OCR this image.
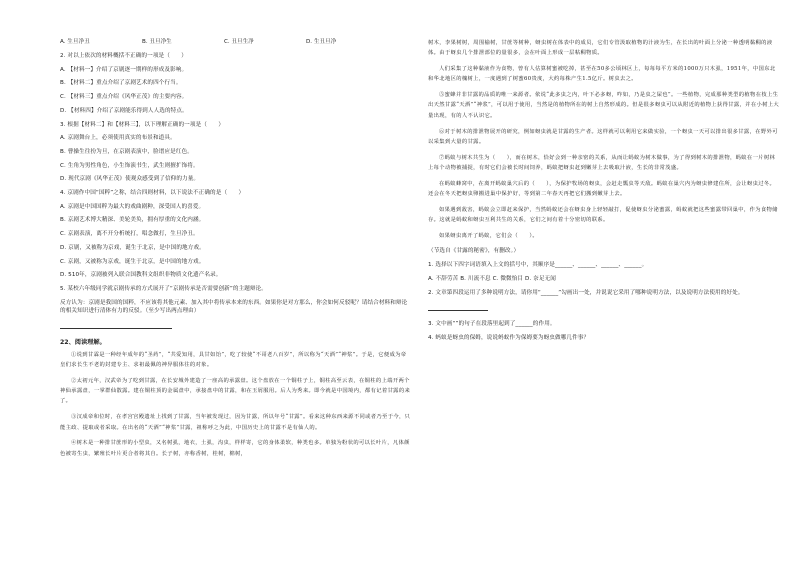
A. 生旦净丑	B. 丑旦净生	C. 丑旦生净	D. 生丑旦净
2. 对以上依次的材料概括不正确的一项是（　　）
A. 【材料一】介绍了京剧逐一期样的形成及影响。
B. 【材料二】重点介绍了京剧艺术的四个行当。
C. 【材料三】重点介绍《风华正茂》的主要内容。
D. 【材料四】介绍了京剧能乐得到人人选的特点。
3. 根据【材料二】和【材料三】，以下理解正确的一项是（　　）
A. 京剧舞台上，必须使用真实的布景和道具。
B. 曹操生往扮为旦，在京剧表演中，脸谱应是红色。
C. 生角为男性角色，小生饰演书生，武生则擅扩饰将。
D. 现代京剧《风华正茂》使观众感受到了信仰的力量。
4. 京剧作中国“国粹”之称，结合四则材料，以下说法不正确的是（　　）
A. 京剧是中国国粹为最大的戏曲剧种，深受国人的喜爱。
B. 京剧艺术博大精深、美轮美奂，拥有厚重的文化内涵。
C. 京剧表演，离不开分析统打，唱念做打，生旦净丑。
D. 京剧，又被称为京戏，诞生于北京，是中国的地方戏。
C. 京剧，又被称为京戏，诞生于北京，是中国的地方戏。
D. 510年，京剧被列入联合国教科文组织非物质文化遗产名录。
5. 某校六年级同学就京剧传承的方式展开了“京剧传承是否需要创新”的主题辩论。
反方认为：京剧是我国的国粹，不应该将其他元素、加入其中将传承本来的东西。如果你是对方那么，你会如何反驳呢？请结合材料和辩论的相关知识进行清体有力的反驳。（至少写出两点理由）
22、阅读理解。
①说到甘霖是一种经年成年的“圣药”，“共爱知用，具甘如饴”，吃了较使“不哥老八百岁”，所以称为“天酒”“神浆”。于是，它便成为帝皇们求长生不老的封建专主、求祖最佩的神异服体往的对象。
②太初元年，汉武帝为了吃到甘露，在长安城外建造了一座高的承露盘。这个盘放在一个铜柱子上，铜柱高至云表，在铜柱的上端开两个神仙承露盘，一掌群仙散露。建在铜柱顶的金属盘中，承接盘中的甘露，和在玉屑服用。后人为秀来。即今就是中国境内，都有记着甘露的来了。
③汉成帝和位时，在孝宫宫殿遗址上找到了甘露，当年被发现过，因为甘露，所以年号“甘露”。看来这种东西来源不同或者乃至于今，只能主政、提取或者采取。在出名的“天酒”“神浆”甘露，祖称呼之为此，中国历史上的甘露不是有仙人的。
④树木是一种排甘蔗形的小型虫，又名树虱，地衣，土虱，沟虫，样样寄，它的身体柔软，种类也多。单独为粉状的可以长叶片，凡体颜色被寄生虫，繁殖长叶片更合者将其自。长子树，亦称香树，桂树，棉树，
树木，李果树树，周围榆树，甘蔗等树种，蚜虫树在体表中的成员，它们专管汲取植物的汁液为生，在长出的叶面上分泌一种透明黏稠的液体。由于蚜虫几个排泄部位的量很多，会在叶面上形成一层粘稠物质。
人们采集了这种黏液作为食物，曾有人估算树蜜被吃掉，甚至在50多公顷林区上，每每每平方米的1000万只木虱，1951年，中国东北和华北地区的槐树上，一度遇到了树蜜60贵度，大约每株产生1.5亿斤。树虫去之。
⑤蜜蜂并非甘露的品质的唯一来源者。依说“此多虫之内，叶下必多蚜，咋如，乃是虫之屎也”。一些植物，完成那种类型的植物在枝上生出天然甘露“天酒”“神浆”，可以用于使用，当然是的植物所在的树上自然形成的。但是很多蚜虫可以从附近的植物上获得甘露，并在小树上大量出现，有的人不认识它。
⑥对于树木的排泄物展开的研究，例如蚜虫就是甘露的生产者。这样就可以利用它来做实验，一个蚜虫一天可以排出很多甘露，在野外可以采集到大量的甘露。
⑦蚂蚁与树木共生为（　　），而在树木，恰好会到一种亲密的关系，从而让蚂蚁为树木做事，为了得到树木的排泄物，蚂蚁在一片树林上每个动物被捕捉，有时它们会被长时间饲养，蚂蚁把蚜虫赶到嫩芽上去吸取汁液，生长的非常茂盛。
在蚂蚁蜂窝中，在离开蚂蚁巢穴后的（　　），为保护牧场的蚜虫，会赶走瓢虫等天敌。蚂蚁在巢穴内为蚜虫修建住所，会让蚜虫过冬。还会在冬天把蚜虫卵搬进巢中保护好，等到第二年春天再把它们搬到嫩芽上去。
如果遇到敌害，蚂蚁会立即赶来保护，当然蚂蚁还会在蚜虫身上轻轻敲打，促使蚜虫分泌蜜露，蚂蚁就把这些蜜露带回巢中，作为食物储存。这就是蚂蚁和蚜虫互利共生的关系，它们之间有着十分密切的联系。
如果蚜虫离开了蚂蚁，它们会（　　）。
（节选自《甘露的秘密》，有删改。）
1. 选择以下四字词语填入上文的括号中，其顺序是______、______、______、______。
A. 不辞劳苦 B. 川流不息 C. 微微怡目 D. 奈足无闻
2. 文章第四段运用了多种说明方法，请你用“______”勾画出一处，并说说它采用了哪种说明方法，以及说明方法使用的好处。
3. 文中画“”的句子在段落里起到了______的作用。
4. 蚂蚁是蚜虫的保姆，说说蚂蚁作为保姆要为蚜虫做哪几件事？
